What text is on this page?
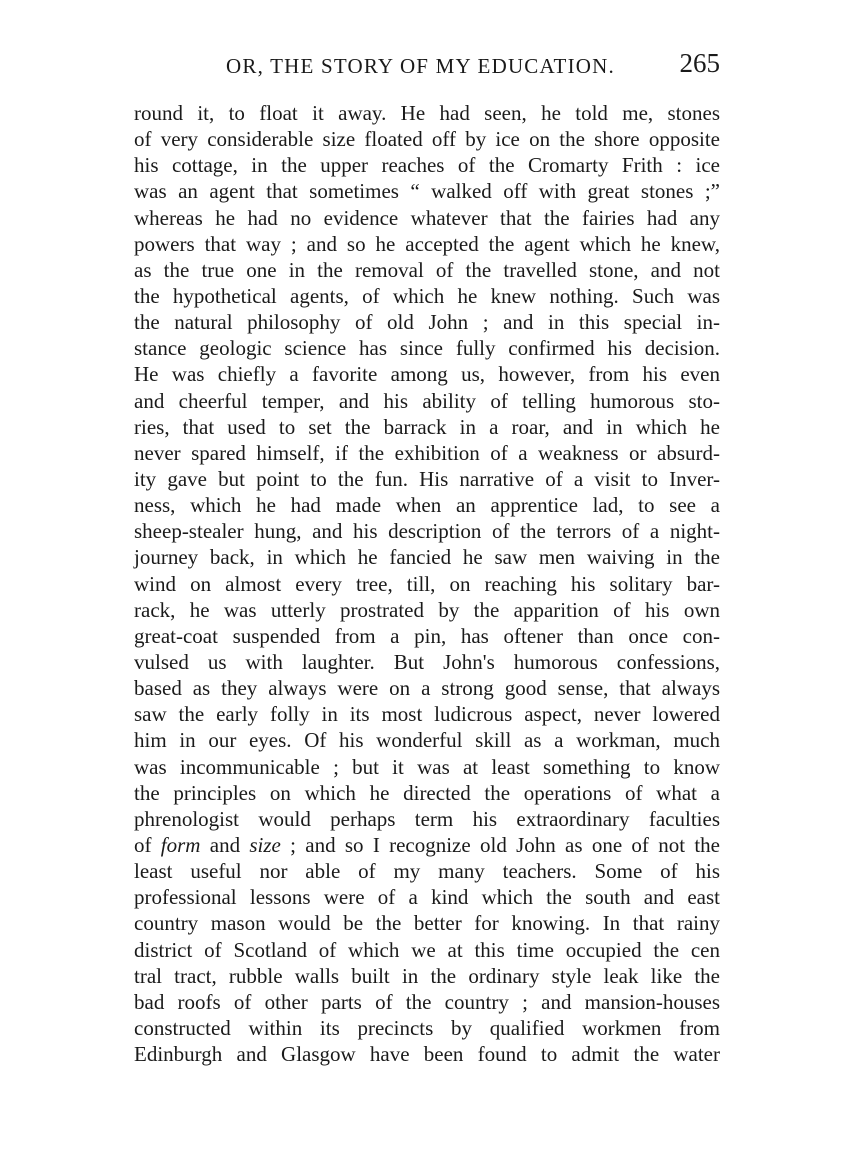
OR, THE STORY OF MY EDUCATION. 265
round it, to float it away. He had seen, he told me, stones
of very considerable size floated off by ice on the shore opposite
his cottage, in the upper reaches of the Cromarty Frith : ice
was an agent that sometimes “ walked off with great stones ;”
whereas he had no evidence whatever that the fairies had any
powers that way ; and so he accepted the agent which he knew,
as the true one in the removal of the travelled stone, and not
the hypothetical agents, of which he knew nothing. Such was
the natural philosophy of old John ; and in this special in-
stance geologic science has since fully confirmed his decision.
He was chiefly a favorite among us, however, from his even
and cheerful temper, and his ability of telling humorous sto-
ries, that used to set the barrack in a roar, and in which he
never spared himself, if the exhibition of a weakness or absurd-
ity gave but point to the fun. His narrative of a visit to Inver-
ness, which he had made when an apprentice lad, to see a
sheep-stealer hung, and his description of the terrors of a night-
journey back, in which he fancied he saw men waiving in the
wind on almost every tree, till, on reaching his solitary bar-
rack, he was utterly prostrated by the apparition of his own
great-coat suspended from a pin, has oftener than once con-
vulsed us with laughter. But John's humorous confessions,
based as they always were on a strong good sense, that always
saw the early folly in its most ludicrous aspect, never lowered
him in our eyes. Of his wonderful skill as a workman, much
was incommunicable ; but it was at least something to know
the principles on which he directed the operations of what a
phrenologist would perhaps term his extraordinary faculties
of form and size ; and so I recognize old John as one of not the
least useful nor able of my many teachers. Some of his
professional lessons were of a kind which the south and east
country mason would be the better for knowing. In that rainy
district of Scotland of which we at this time occupied the cen
tral tract, rubble walls built in the ordinary style leak like the
bad roofs of other parts of the country ; and mansion-houses
constructed within its precincts by qualified workmen from
Edinburgh and Glasgow have been found to admit the water
